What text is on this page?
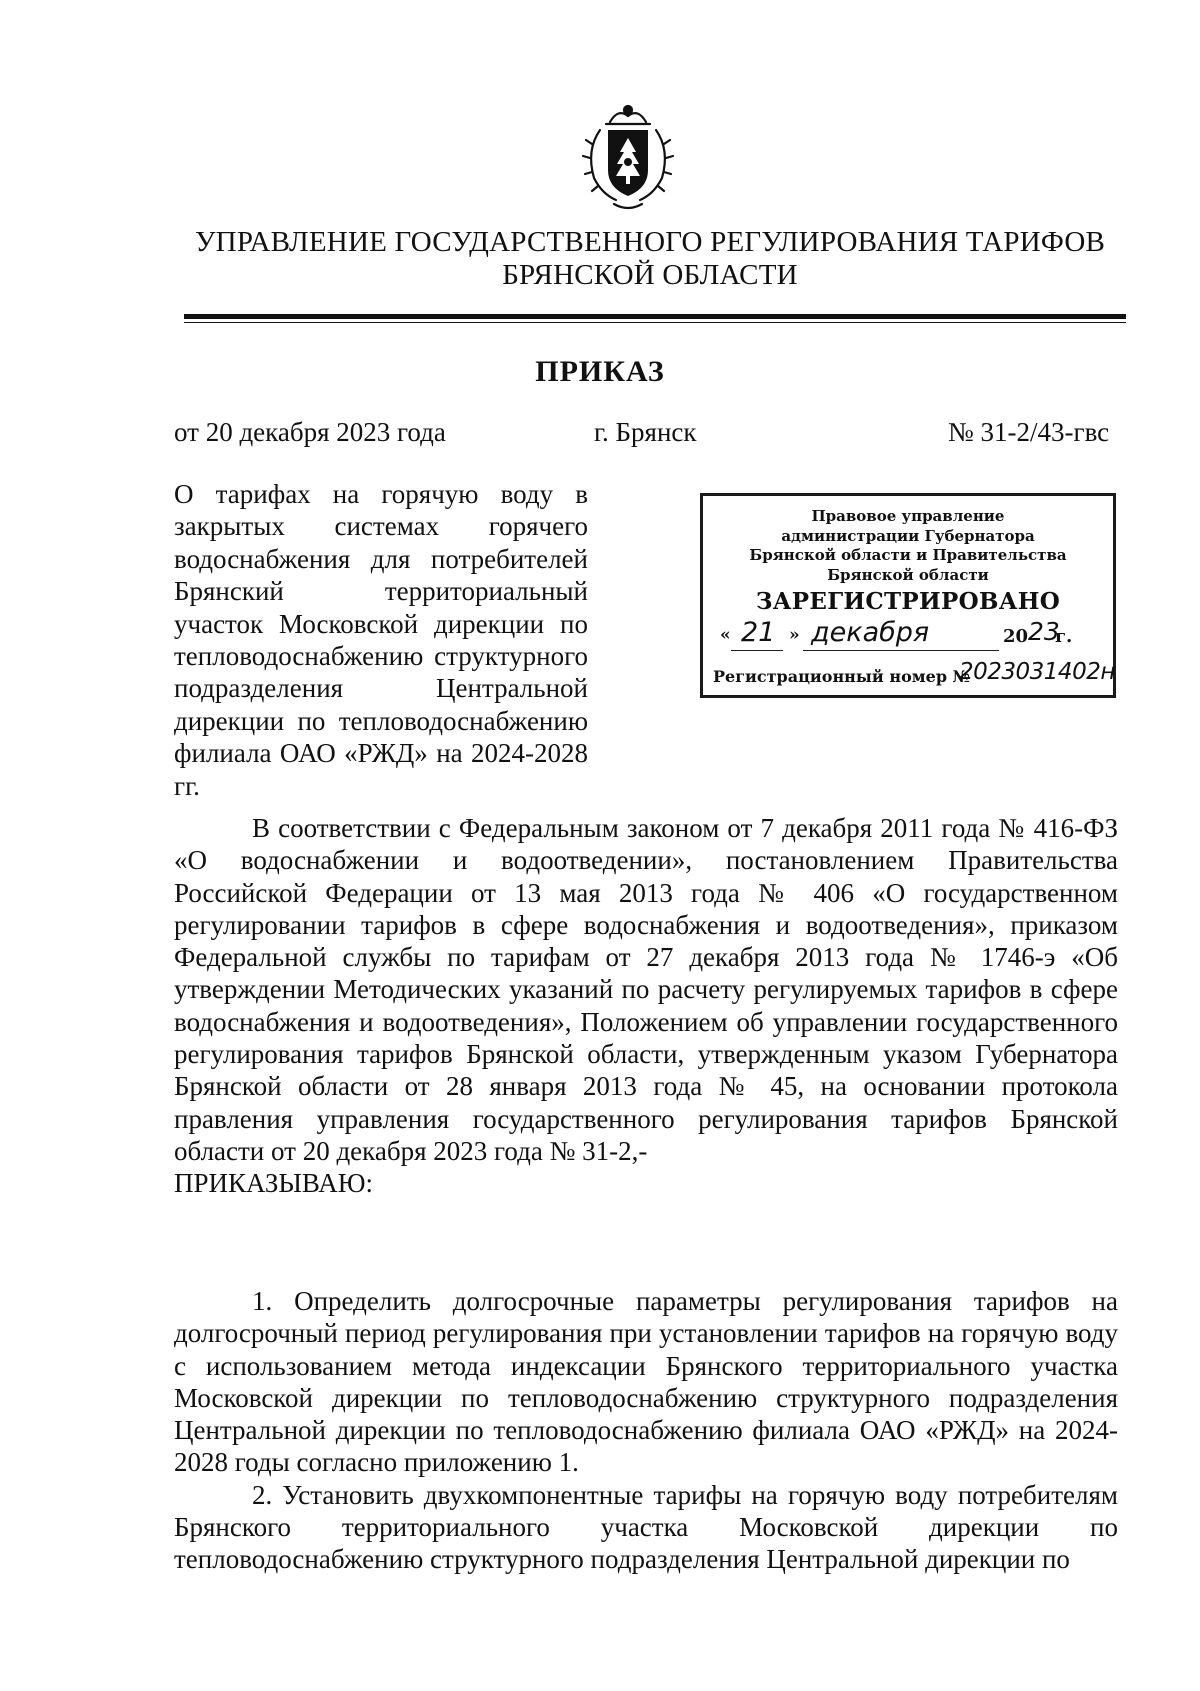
УПРАВЛЕНИЕ ГОСУДАРСТВЕННОГО РЕГУЛИРОВАНИЯ ТАРИФОВ
БРЯНСКОЙ ОБЛАСТИ
ПРИКАЗ
от 20 декабря 2023 года	г. Брянск	№ 31-2/43-гвс
О тарифах на горячую воду в закрытых системах горячего водоснабжения для потребителей Брянский территориальный участок Московской дирекции по тепловодоснабжению структурного подразделения Центральной дирекции по тепловодоснабжению филиала ОАО «РЖД» на 2024-2028 гг.
Правовое управление
администрации Губернатора
Брянской области и Правительства
Брянской области
ЗАРЕГИСТРИРОВАНО
« 21 » декабря	20 23
г.
Регистрационный номер №
2023031402н

В соответствии с Федеральным законом от 7 декабря 2011 года № 416-ФЗ «О водоснабжении и водоотведении», постановлением Правительства Российской Федерации от 13 мая 2013 года № 406 «О государственном регулировании тарифов в сфере водоснабжения и водоотведения», приказом Федеральной службы по тарифам от 27 декабря 2013 года № 1746-э «Об утверждении Методических указаний по расчету регулируемых тарифов в сфере водоснабжения и водоотведения», Положением об управлении государственного регулирования тарифов Брянской области, утвержденным указом Губернатора Брянской области от 28 января 2013 года № 45, на основании протокола правления управления государственного регулирования тарифов Брянской области от 20 декабря 2023 года № 31-2,-

ПРИКАЗЫВАЮ:

1. Определить долгосрочные параметры регулирования тарифов на долгосрочный период регулирования при установлении тарифов на горячую воду с использованием метода индексации Брянского территориального участка Московской дирекции по тепловодоснабжению структурного подразделения Центральной дирекции по тепловодоснабжению филиала ОАО «РЖД» на 2024-2028 годы согласно приложению 1.

2. Установить двухкомпонентные тарифы на горячую воду потребителям Брянского территориального участка Московской дирекции по тепловодоснабжению структурного подразделения Центральной дирекции по
